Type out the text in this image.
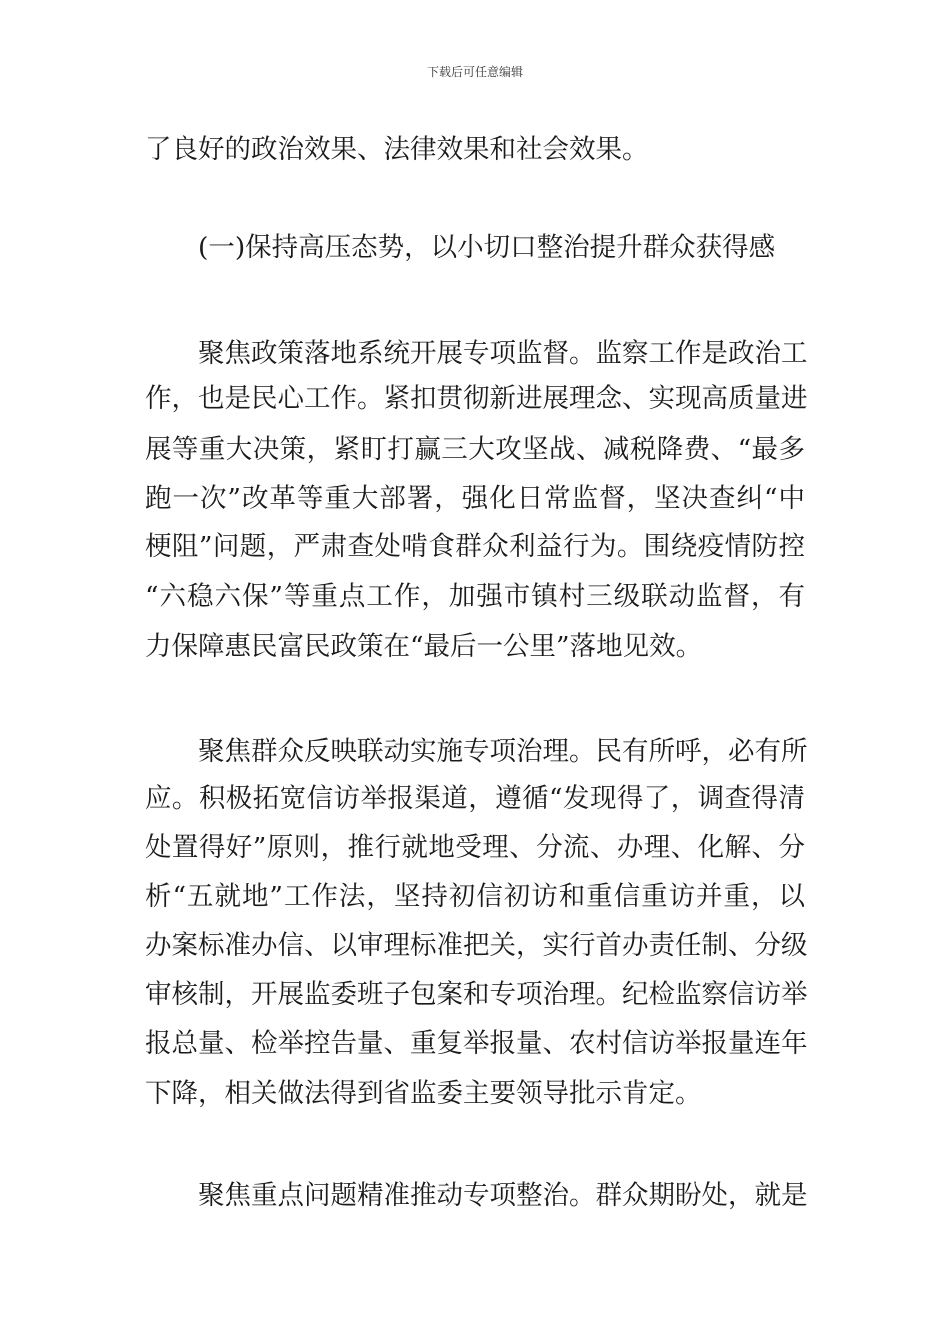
下载后可任意编辑
了良好的政治效果、法律效果和社会效果。
(一)保持高压态势，以小切口整治提升群众获得感
聚焦政策落地系统开展专项监督。监察工作是政治工
作，也是民心工作。紧扣贯彻新进展理念、实现高质量进
展等重大决策，紧盯打赢三大攻坚战、减税降费、“最多
跑一次”改革等重大部署，强化日常监督，坚决查纠“中
梗阻”问题，严肃查处啃食群众利益行为。围绕疫情防控
“六稳六保”等重点工作，加强市镇村三级联动监督，有
力保障惠民富民政策在“最后一公里”落地见效。
聚焦群众反映联动实施专项治理。民有所呼，必有所
应。积极拓宽信访举报渠道，遵循“发现得了，调查得清
处置得好”原则，推行就地受理、分流、办理、化解、分
析“五就地”工作法，坚持初信初访和重信重访并重，以
办案标准办信、以审理标准把关，实行首办责任制、分级
审核制，开展监委班子包案和专项治理。纪检监察信访举
报总量、检举控告量、重复举报量、农村信访举报量连年
下降，相关做法得到省监委主要领导批示肯定。
聚焦重点问题精准推动专项整治。群众期盼处，就是
